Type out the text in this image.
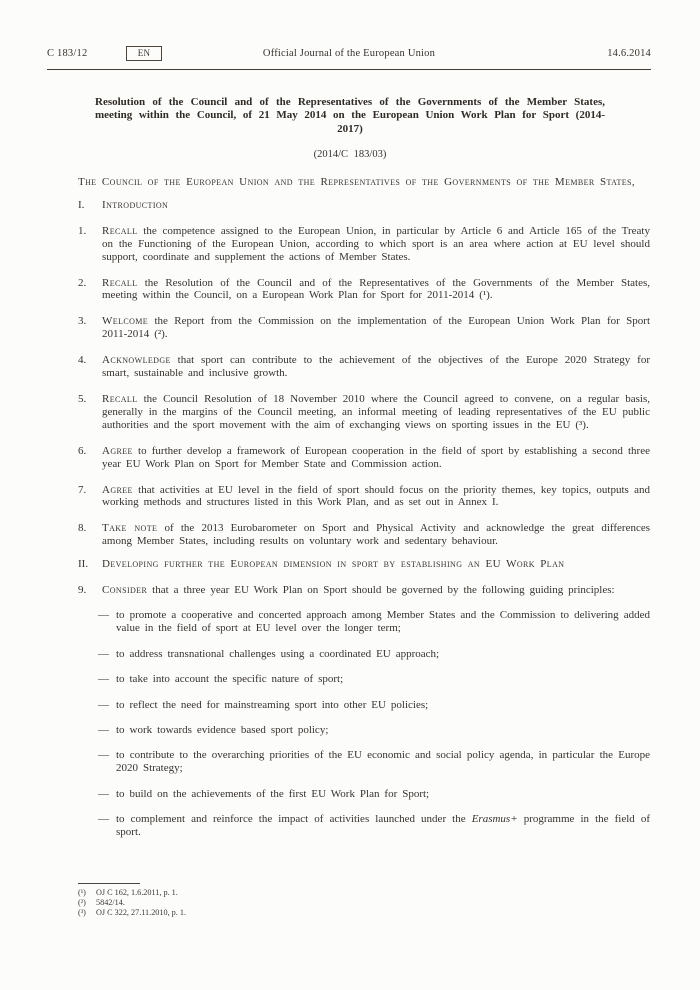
C 183/12	EN	Official Journal of the European Union	14.6.2014
Resolution of the Council and of the Representatives of the Governments of the Member States, meeting within the Council, of 21 May 2014 on the European Union Work Plan for Sport (2014-2017)
(2014/C 183/03)
The Council of the European Union and the Representatives of the Governments of the Member States,
I.	Introduction
1.	Recall the competence assigned to the European Union, in particular by Article 6 and Article 165 of the Treaty on the Functioning of the European Union, according to which sport is an area where action at EU level should support, coordinate and supplement the actions of Member States.
2.	Recall the Resolution of the Council and of the Representatives of the Governments of the Member States, meeting within the Council, on a European Work Plan for Sport for 2011-2014 (¹).
3.	Welcome the Report from the Commission on the implementation of the European Union Work Plan for Sport 2011-2014 (²).
4.	Acknowledge that sport can contribute to the achievement of the objectives of the Europe 2020 Strategy for smart, sustainable and inclusive growth.
5.	Recall the Council Resolution of 18 November 2010 where the Council agreed to convene, on a regular basis, generally in the margins of the Council meeting, an informal meeting of leading representatives of the EU public authorities and the sport movement with the aim of exchanging views on sporting issues in the EU (³).
6.	Agree to further develop a framework of European cooperation in the field of sport by establishing a second three year EU Work Plan on Sport for Member State and Commission action.
7.	Agree that activities at EU level in the field of sport should focus on the priority themes, key topics, outputs and working methods and structures listed in this Work Plan, and as set out in Annex I.
8.	Take note of the 2013 Eurobarometer on Sport and Physical Activity and acknowledge the great differences among Member States, including results on voluntary work and sedentary behaviour.
II.	Developing further the European dimension in sport by establishing an EU Work Plan
9.	Consider that a three year EU Work Plan on Sport should be governed by the following guiding principles:
— to promote a cooperative and concerted approach among Member States and the Commission to delivering added value in the field of sport at EU level over the longer term;
— to address transnational challenges using a coordinated EU approach;
— to take into account the specific nature of sport;
— to reflect the need for mainstreaming sport into other EU policies;
— to work towards evidence based sport policy;
— to contribute to the overarching priorities of the EU economic and social policy agenda, in particular the Europe 2020 Strategy;
— to build on the achievements of the first EU Work Plan for Sport;
— to complement and reinforce the impact of activities launched under the Erasmus+ programme in the field of sport.
(¹)	OJ C 162, 1.6.2011, p. 1.
(²)	5842/14.
(³)	OJ C 322, 27.11.2010, p. 1.
